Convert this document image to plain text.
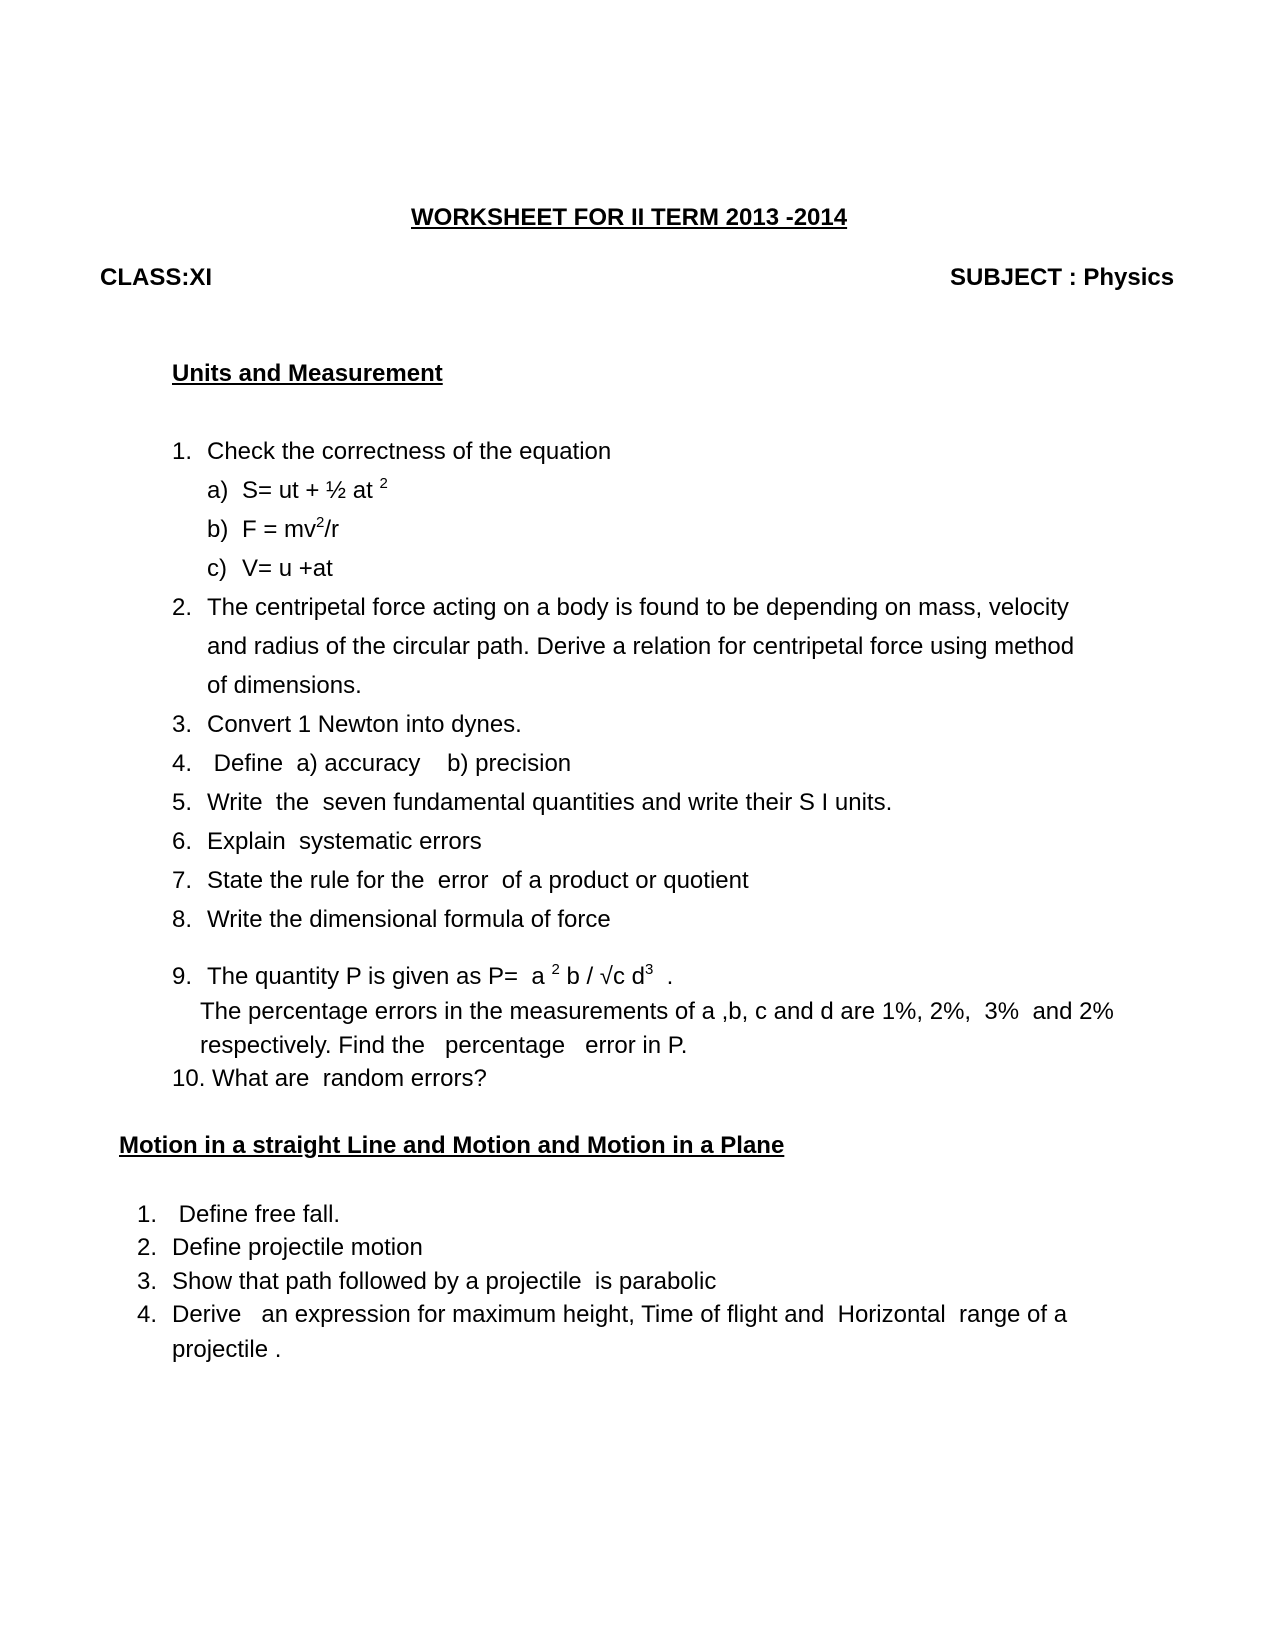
WORKSHEET FOR II TERM 2013 -2014
CLASS:XI	SUBJECT : Physics
Units and Measurement
1. Check the correctness of the equation
a) S= ut + ½ at $^2$
b) $F = mv^2/r$
c) V= u +at
2. The centripetal force acting on a body is found to be depending on mass, velocity
and radius of the circular path. Derive a relation for centripetal force using method
of dimensions.
3. Convert 1 Newton into dynes.
4. Define  a) accuracy    b) precision
5. Write  the  seven fundamental quantities and write their S I units.
6. Explain  systematic errors
7. State the rule for the  error  of a product or quotient
8. Write the dimensional formula of force
9. The quantity P is given as P=  a $^2$ b / √c $d^3$  .
The percentage errors in the measurements of a ,b, c and d are 1%, 2%,  3%  and 2%
respectively. Find the   percentage   error in P.
10. What are  random errors?
Motion in a straight Line and Motion and Motion in a Plane
1. Define free fall.
2. Define projectile motion
3. Show that path followed by a projectile  is parabolic
4. Derive   an expression for maximum height, Time of flight and  Horizontal  range of a
projectile .
